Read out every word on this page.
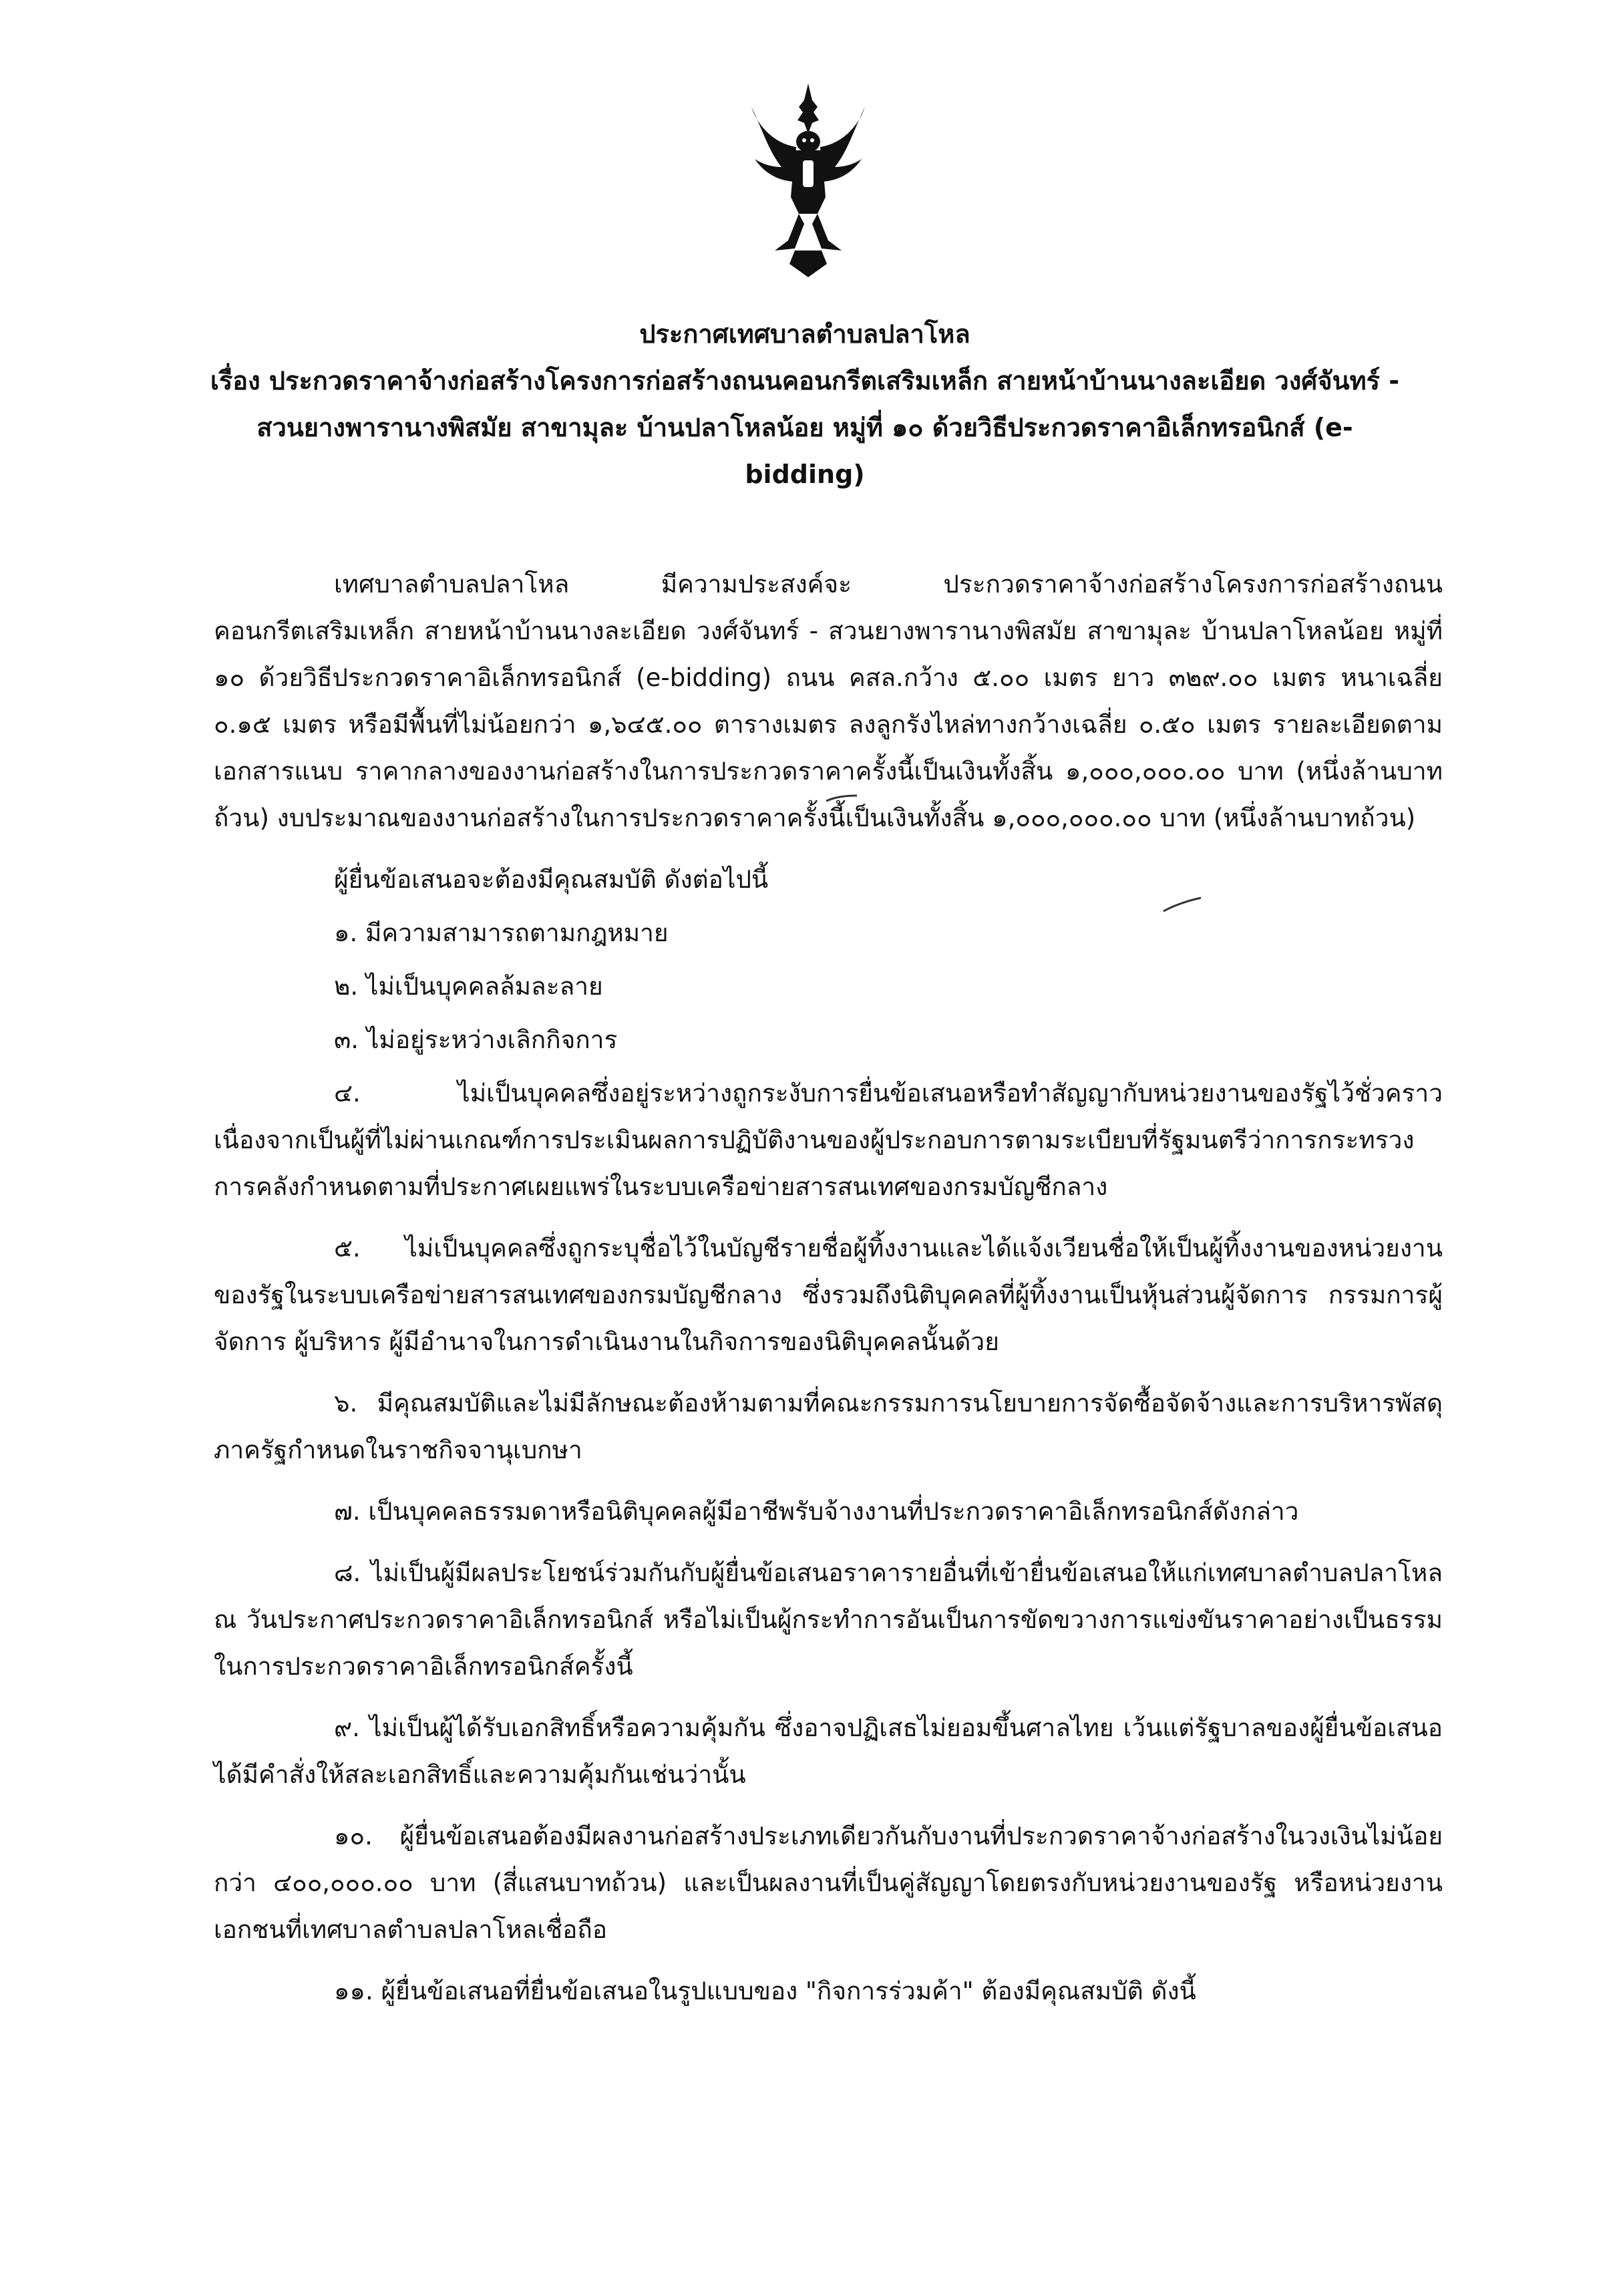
ประกาศเทศบาลตำบลปลาโหล
เรื่อง ประกวดราคาจ้างก่อสร้างโครงการก่อสร้างถนนคอนกรีตเสริมเหล็ก สายหน้าบ้านนางละเอียด วงศ์จันทร์ -
สวนยางพารานางพิสมัย สาขามุละ บ้านปลาโหลน้อย หมู่ที่ ๑๐ ด้วยวิธีประกวดราคาอิเล็กทรอนิกส์ (e-
bidding)

เทศบาลตำบลปลาโหล มีความประสงค์จะ ประกวดราคาจ้างก่อสร้างโครงการก่อสร้างถนน คอนกรีตเสริมเหล็ก สายหน้าบ้านนางละเอียด วงศ์จันทร์ - สวนยางพารานางพิสมัย สาขามุละ บ้านปลาโหลน้อย หมู่ที่ ๑๐ ด้วยวิธีประกวดราคาอิเล็กทรอนิกส์ (e-bidding) ถนน คสล.กว้าง ๕.๐๐ เมตร ยาว ๓๒๙.๐๐ เมตร หนาเฉลี่ย ๐.๑๕ เมตร หรือมีพื้นที่ไม่น้อยกว่า ๑,๖๔๕.๐๐ ตารางเมตร ลงลูกรังไหล่ทางกว้างเฉลี่ย ๐.๕๐ เมตร รายละเอียดตามเอกสารแนบ ราคากลางของงานก่อสร้างในการประกวดราคาครั้งนี้เป็นเงินทั้งสิ้น ๑,๐๐๐,๐๐๐.๐๐ บาท (หนึ่งล้านบาทถ้วน) งบประมาณของงานก่อสร้างในการประกวดราคาครั้งนี้เป็นเงินทั้งสิ้น ๑,๐๐๐,๐๐๐.๐๐ บาท (หนึ่งล้านบาทถ้วน)

ผู้ยื่นข้อเสนอจะต้องมีคุณสมบัติ ดังต่อไปนี้

๑. มีความสามารถตามกฎหมาย

๒. ไม่เป็นบุคคลล้มละลาย

๓. ไม่อยู่ระหว่างเลิกกิจการ

๔. ไม่เป็นบุคคลซึ่งอยู่ระหว่างถูกระงับการยื่นข้อเสนอหรือทำสัญญากับหน่วยงานของรัฐไว้ชั่วคราว เนื่องจากเป็นผู้ที่ไม่ผ่านเกณฑ์การประเมินผลการปฏิบัติงานของผู้ประกอบการตามระเบียบที่รัฐมนตรีว่าการกระทรวงการคลังกำหนดตามที่ประกาศเผยแพร่ในระบบเครือข่ายสารสนเทศของกรมบัญชีกลาง

๕. ไม่เป็นบุคคลซึ่งถูกระบุชื่อไว้ในบัญชีรายชื่อผู้ทิ้งงานและได้แจ้งเวียนชื่อให้เป็นผู้ทิ้งงานของหน่วยงานของรัฐในระบบเครือข่ายสารสนเทศของกรมบัญชีกลาง ซึ่งรวมถึงนิติบุคคลที่ผู้ทิ้งงานเป็นหุ้นส่วนผู้จัดการ กรรมการผู้จัดการ ผู้บริหาร ผู้มีอำนาจในการดำเนินงานในกิจการของนิติบุคคลนั้นด้วย

๖. มีคุณสมบัติและไม่มีลักษณะต้องห้ามตามที่คณะกรรมการนโยบายการจัดซื้อจัดจ้างและการบริหารพัสดุภาครัฐกำหนดในราชกิจจานุเบกษา

๗. เป็นบุคคลธรรมดาหรือนิติบุคคลผู้มีอาชีพรับจ้างงานที่ประกวดราคาอิเล็กทรอนิกส์ดังกล่าว

๘. ไม่เป็นผู้มีผลประโยชน์ร่วมกันกับผู้ยื่นข้อเสนอราคารายอื่นที่เข้ายื่นข้อเสนอให้แก่เทศบาลตำบลปลาโหล ณ วันประกาศประกวดราคาอิเล็กทรอนิกส์ หรือไม่เป็นผู้กระทำการอันเป็นการขัดขวางการแข่งขันราคาอย่างเป็นธรรม ในการประกวดราคาอิเล็กทรอนิกส์ครั้งนี้

๙. ไม่เป็นผู้ได้รับเอกสิทธิ์หรือความคุ้มกัน ซึ่งอาจปฏิเสธไม่ยอมขึ้นศาลไทย เว้นแต่รัฐบาลของผู้ยื่นข้อเสนอได้มีคำสั่งให้สละเอกสิทธิ์และความคุ้มกันเช่นว่านั้น

๑๐. ผู้ยื่นข้อเสนอต้องมีผลงานก่อสร้างประเภทเดียวกันกับงานที่ประกวดราคาจ้างก่อสร้างในวงเงินไม่น้อยกว่า ๔๐๐,๐๐๐.๐๐ บาท (สี่แสนบาทถ้วน) และเป็นผลงานที่เป็นคู่สัญญาโดยตรงกับหน่วยงานของรัฐ หรือหน่วยงานเอกชนที่เทศบาลตำบลปลาโหลเชื่อถือ

๑๑. ผู้ยื่นข้อเสนอที่ยื่นข้อเสนอในรูปแบบของ "กิจการร่วมค้า" ต้องมีคุณสมบัติ ดังนี้
